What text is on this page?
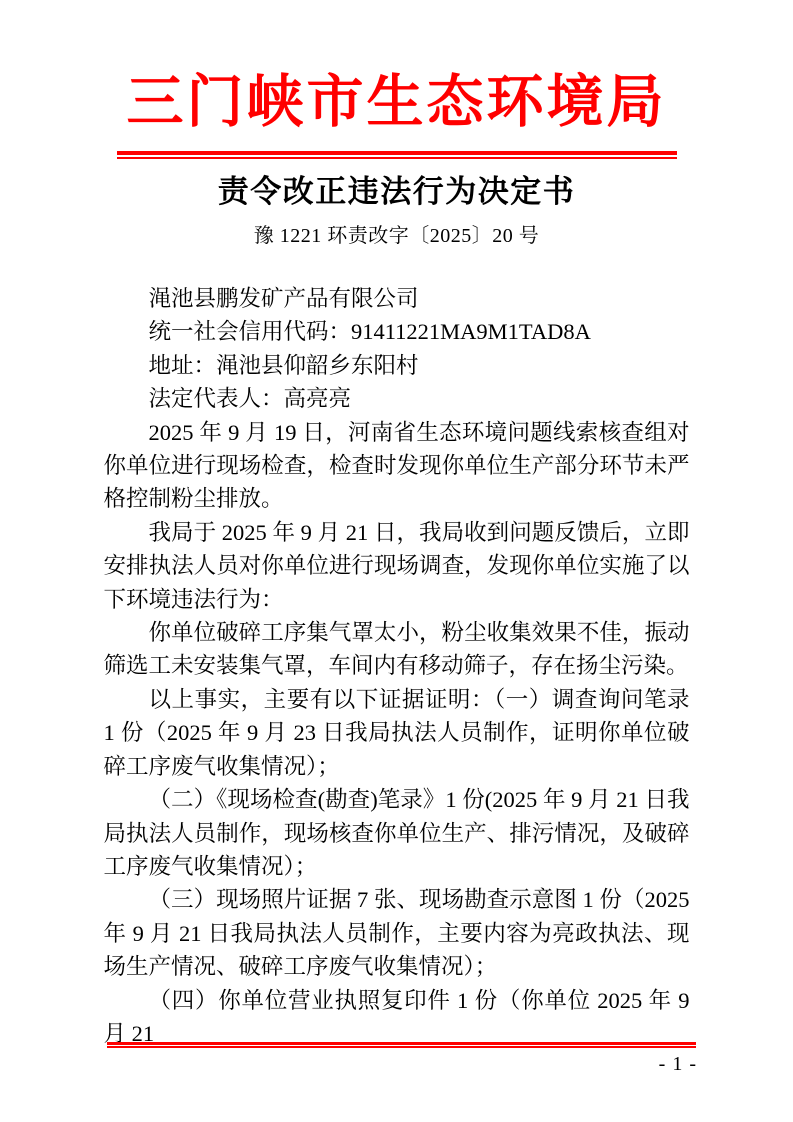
三门峡市生态环境局
责令改正违法行为决定书
豫 1221 环责改字〔2025〕20 号

渑池县鹏发矿产品有限公司

统一社会信用代码：91411221MA9M1TAD8A

地址：渑池县仰韶乡东阳村

法定代表人：高亮亮

2025 年 9 月 19 日，河南省生态环境问题线索核查组对你单位进行现场检查，检查时发现你单位生产部分环节未严格控制粉尘排放。

我局于 2025 年 9 月 21 日，我局收到问题反馈后，立即安排执法人员对你单位进行现场调查，发现你单位实施了以下环境违法行为：

你单位破碎工序集气罩太小，粉尘收集效果不佳，振动筛选工未安装集气罩，车间内有移动筛子，存在扬尘污染。

以上事实，主要有以下证据证明：（一）调查询问笔录 1 份（2025 年 9 月 23 日我局执法人员制作，证明你单位破碎工序废气收集情况）；

（二）《现场检查(勘查)笔录》1 份(2025 年 9 月 21 日我局执法人员制作，现场核查你单位生产、排污情况，及破碎工序废气收集情况）；

（三）现场照片证据 7 张、现场勘查示意图 1 份（2025 年 9 月 21 日我局执法人员制作，主要内容为亮政执法、现场生产情况、破碎工序废气收集情况）；

（四）你单位营业执照复印件 1 份（你单位 2025 年 9 月 21

- 1 -
